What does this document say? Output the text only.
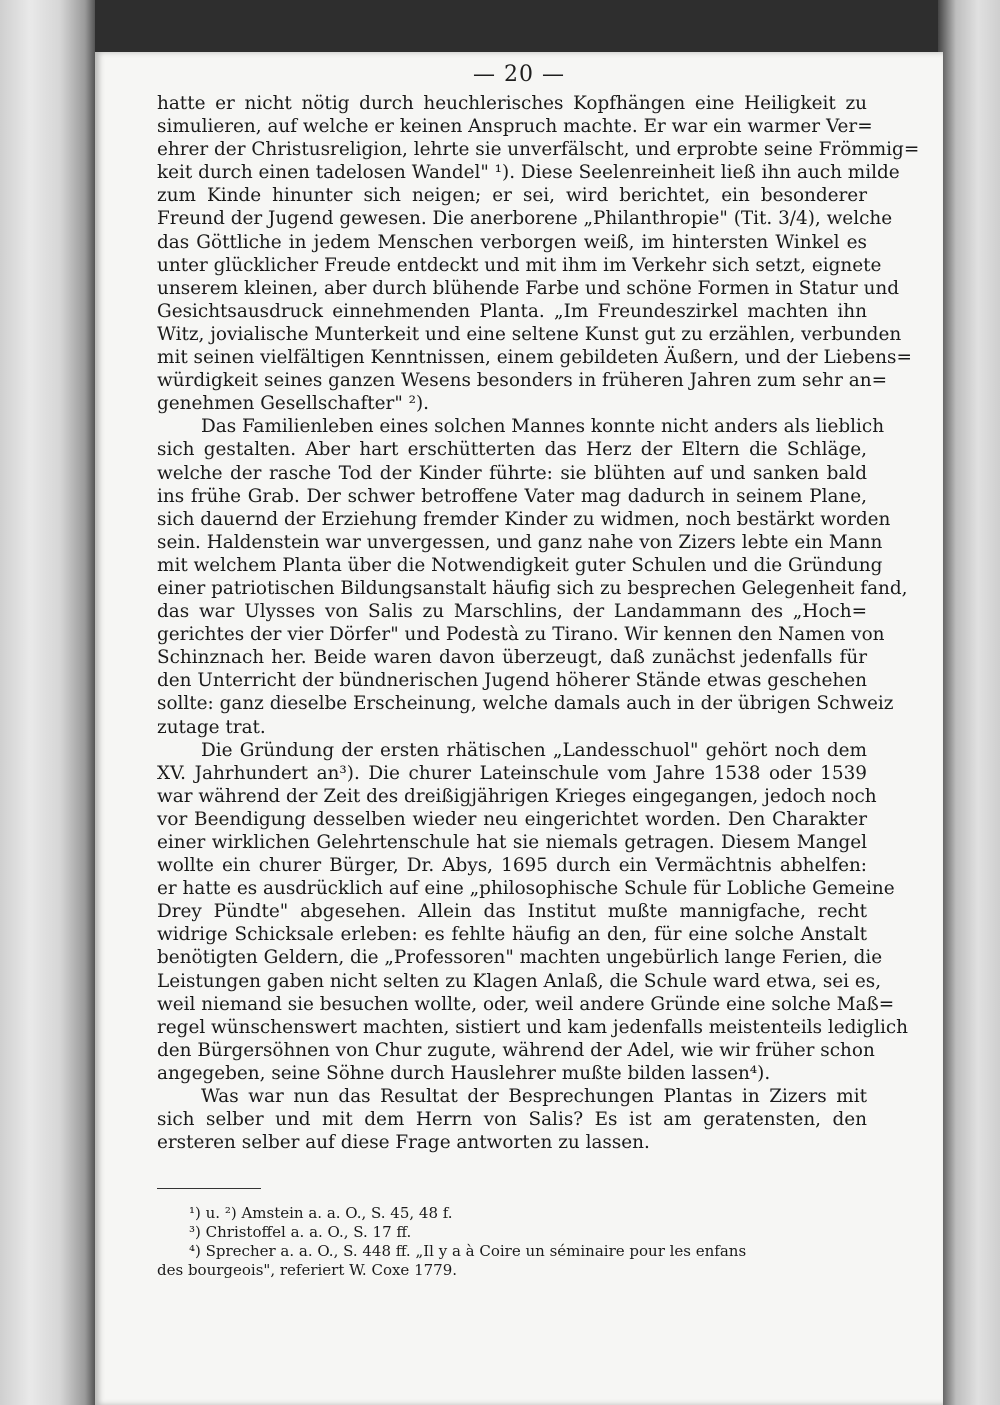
— 20 —
hatte er nicht nötig durch heuchlerisches Kopfhängen eine Heiligkeit zu
simulieren, auf welche er keinen Anspruch machte. Er war ein warmer Ver=
ehrer der Christusreligion, lehrte sie unverfälscht, und erprobte seine Frömmig=
keit durch einen tadelosen Wandel" ¹). Diese Seelenreinheit ließ ihn auch milde
zum Kinde hinunter sich neigen; er sei, wird berichtet, ein besonderer
Freund der Jugend gewesen. Die anerborene „Philanthropie" (Tit. 3/4), welche
das Göttliche in jedem Menschen verborgen weiß, im hintersten Winkel es
unter glücklicher Freude entdeckt und mit ihm im Verkehr sich setzt, eignete
unserem kleinen, aber durch blühende Farbe und schöne Formen in Statur und
Gesichtsausdruck einnehmenden Planta. „Im Freundeszirkel machten ihn
Witz, jovialische Munterkeit und eine seltene Kunst gut zu erzählen, verbunden
mit seinen vielfältigen Kenntnissen, einem gebildeten Äußern, und der Liebens=
würdigkeit seines ganzen Wesens besonders in früheren Jahren zum sehr an=
genehmen Gesellschafter" ²).
Das Familienleben eines solchen Mannes konnte nicht anders als lieblich
sich gestalten. Aber hart erschütterten das Herz der Eltern die Schläge,
welche der rasche Tod der Kinder führte: sie blühten auf und sanken bald
ins frühe Grab. Der schwer betroffene Vater mag dadurch in seinem Plane,
sich dauernd der Erziehung fremder Kinder zu widmen, noch bestärkt worden
sein. Haldenstein war unvergessen, und ganz nahe von Zizers lebte ein Mann
mit welchem Planta über die Notwendigkeit guter Schulen und die Gründung
einer patriotischen Bildungsanstalt häufig sich zu besprechen Gelegenheit fand,
das war Ulysses von Salis zu Marschlins, der Landammann des „Hoch=
gerichtes der vier Dörfer" und Podestà zu Tirano. Wir kennen den Namen von
Schinznach her. Beide waren davon überzeugt, daß zunächst jedenfalls für
den Unterricht der bündnerischen Jugend höherer Stände etwas geschehen
sollte: ganz dieselbe Erscheinung, welche damals auch in der übrigen Schweiz
zutage trat.
Die Gründung der ersten rhätischen „Landesschuol" gehört noch dem
XV. Jahrhundert an³). Die churer Lateinschule vom Jahre 1538 oder 1539
war während der Zeit des dreißigjährigen Krieges eingegangen, jedoch noch
vor Beendigung desselben wieder neu eingerichtet worden. Den Charakter
einer wirklichen Gelehrtenschule hat sie niemals getragen. Diesem Mangel
wollte ein churer Bürger, Dr. Abys, 1695 durch ein Vermächtnis abhelfen:
er hatte es ausdrücklich auf eine „philosophische Schule für Lobliche Gemeine
Drey Pündte" abgesehen. Allein das Institut mußte mannigfache, recht
widrige Schicksale erleben: es fehlte häufig an den, für eine solche Anstalt
benötigten Geldern, die „Professoren" machten ungebürlich lange Ferien, die
Leistungen gaben nicht selten zu Klagen Anlaß, die Schule ward etwa, sei es,
weil niemand sie besuchen wollte, oder, weil andere Gründe eine solche Maß=
regel wünschenswert machten, sistiert und kam jedenfalls meistenteils lediglich
den Bürgersöhnen von Chur zugute, während der Adel, wie wir früher schon
angegeben, seine Söhne durch Hauslehrer mußte bilden lassen⁴).
Was war nun das Resultat der Besprechungen Plantas in Zizers mit
sich selber und mit dem Herrn von Salis? Es ist am geratensten, den
ersteren selber auf diese Frage antworten zu lassen.
¹) u. ²) Amstein a. a. O., S. 45, 48 f.
³) Christoffel a. a. O., S. 17 ff.
⁴) Sprecher a. a. O., S. 448 ff. „Il y a à Coire un séminaire pour les enfans
des bourgeois", referiert W. Coxe 1779.
